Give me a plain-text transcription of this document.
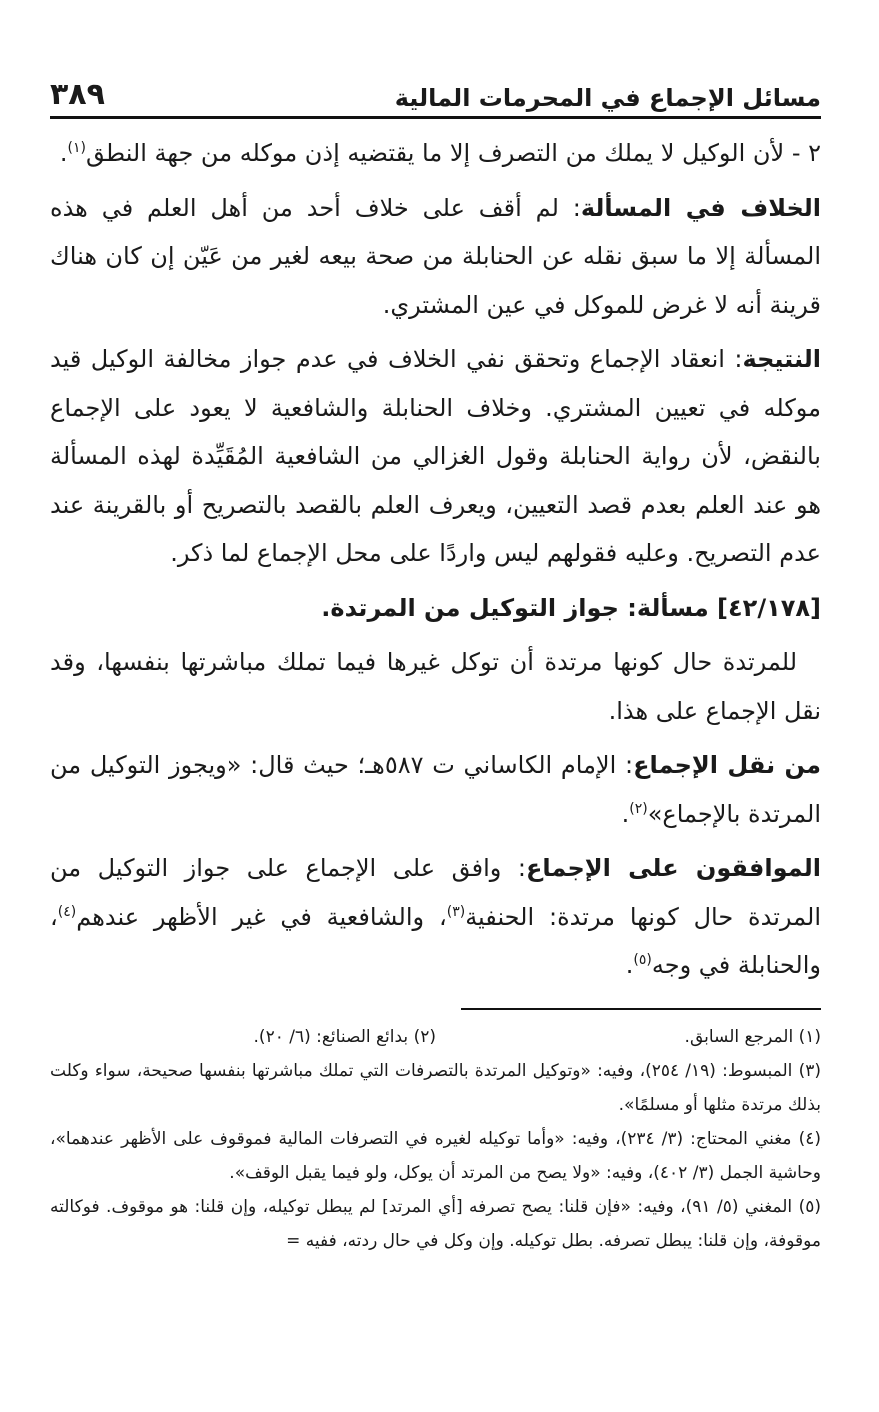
مسائل الإجماع في المحرمات المالية
٣٨٩

٢ - لأن الوكيل لا يملك من التصرف إلا ما يقتضيه إذن موكله من جهة النطق$^{(١)}$.

الخلاف في المسألة: لم أقف على خلاف أحد من أهل العلم في هذه المسألة إلا ما سبق نقله عن الحنابلة من صحة بيعه لغير من عَيّن إن كان هناك قرينة أنه لا غرض للموكل في عين المشتري.

النتيجة: انعقاد الإجماع وتحقق نفي الخلاف في عدم جواز مخالفة الوكيل قيد موكله في تعيين المشتري. وخلاف الحنابلة والشافعية لا يعود على الإجماع بالنقض، لأن رواية الحنابلة وقول الغزالي من الشافعية المُقَيِّدة لهذه المسألة هو عند العلم بعدم قصد التعيين، ويعرف العلم بالقصد بالتصريح أو بالقرينة عند عدم التصريح. وعليه فقولهم ليس واردًا على محل الإجماع لما ذكر.

[٤٢/١٧٨] مسألة: جواز التوكيل من المرتدة.

للمرتدة حال كونها مرتدة أن توكل غيرها فيما تملك مباشرتها بنفسها، وقد نقل الإجماع على هذا.

من نقل الإجماع: الإمام الكاساني ت ٥٨٧هـ؛ حيث قال: «ويجوز التوكيل من المرتدة بالإجماع»$^{(٢)}$.

الموافقون على الإجماع: وافق على الإجماع على جواز التوكيل من المرتدة حال كونها مرتدة: الحنفية$^{(٣)}$، والشافعية في غير الأظهر عندهم$^{(٤)}$، والحنابلة في وجه$^{(٥)}$.

(١) المرجع السابق.

(٢) بدائع الصنائع: (٦/ ٢٠).

(٣) المبسوط: (١٩/ ٢٥٤)، وفيه: «وتوكيل المرتدة بالتصرفات التي تملك مباشرتها بنفسها صحيحة، سواء وكلت بذلك مرتدة مثلها أو مسلمًا».

(٤) مغني المحتاج: (٣/ ٢٣٤)، وفيه: «وأما توكيله لغيره في التصرفات المالية فموقوف على الأظهر عندهما»، وحاشية الجمل (٣/ ٤٠٢)، وفيه: «ولا يصح من المرتد أن يوكل، ولو فيما يقبل الوقف».

(٥) المغني (٥/ ٩١)، وفيه: «فإن قلنا: يصح تصرفه [أي المرتد] لم يبطل توكيله، وإن قلنا: هو موقوف. فوكالته موقوفة، وإن قلنا: يبطل تصرفه. بطل توكيله. وإن وكل في حال ردته، ففيه =
